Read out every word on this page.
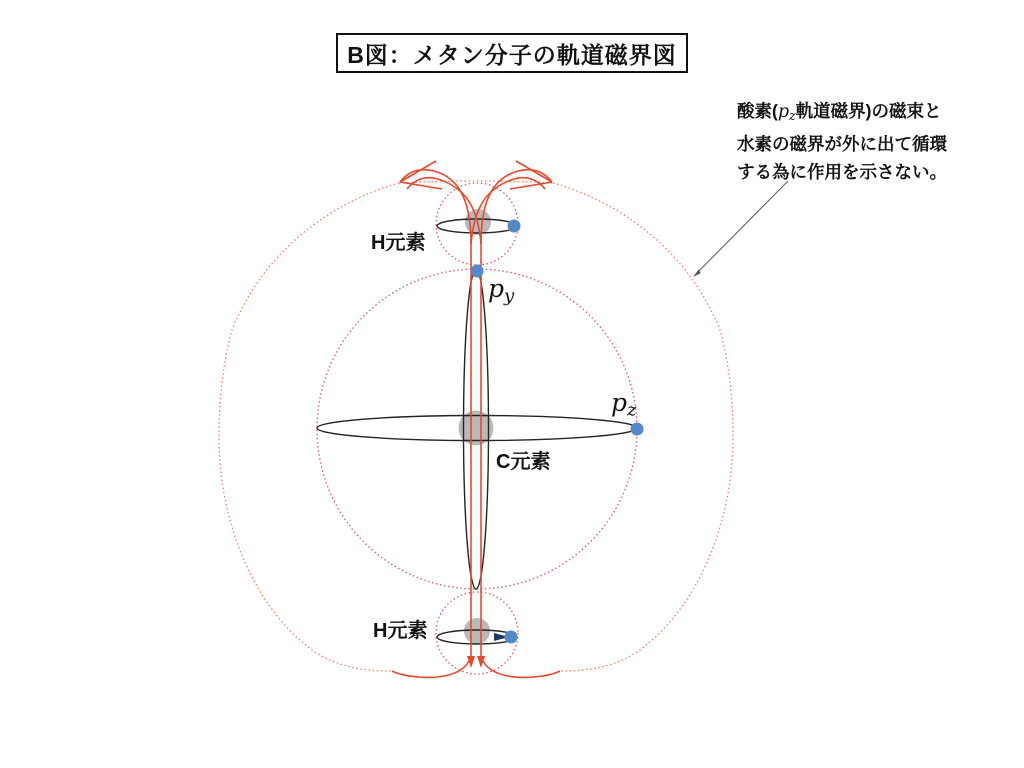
B図：メタン分子の軌道磁界図
酸素($p_z$軌道磁界)の磁束と
水素の磁界が外に出て循環
する為に作用を示さない。
H元素
H元素
C元素
$p_y$
$p_z$
